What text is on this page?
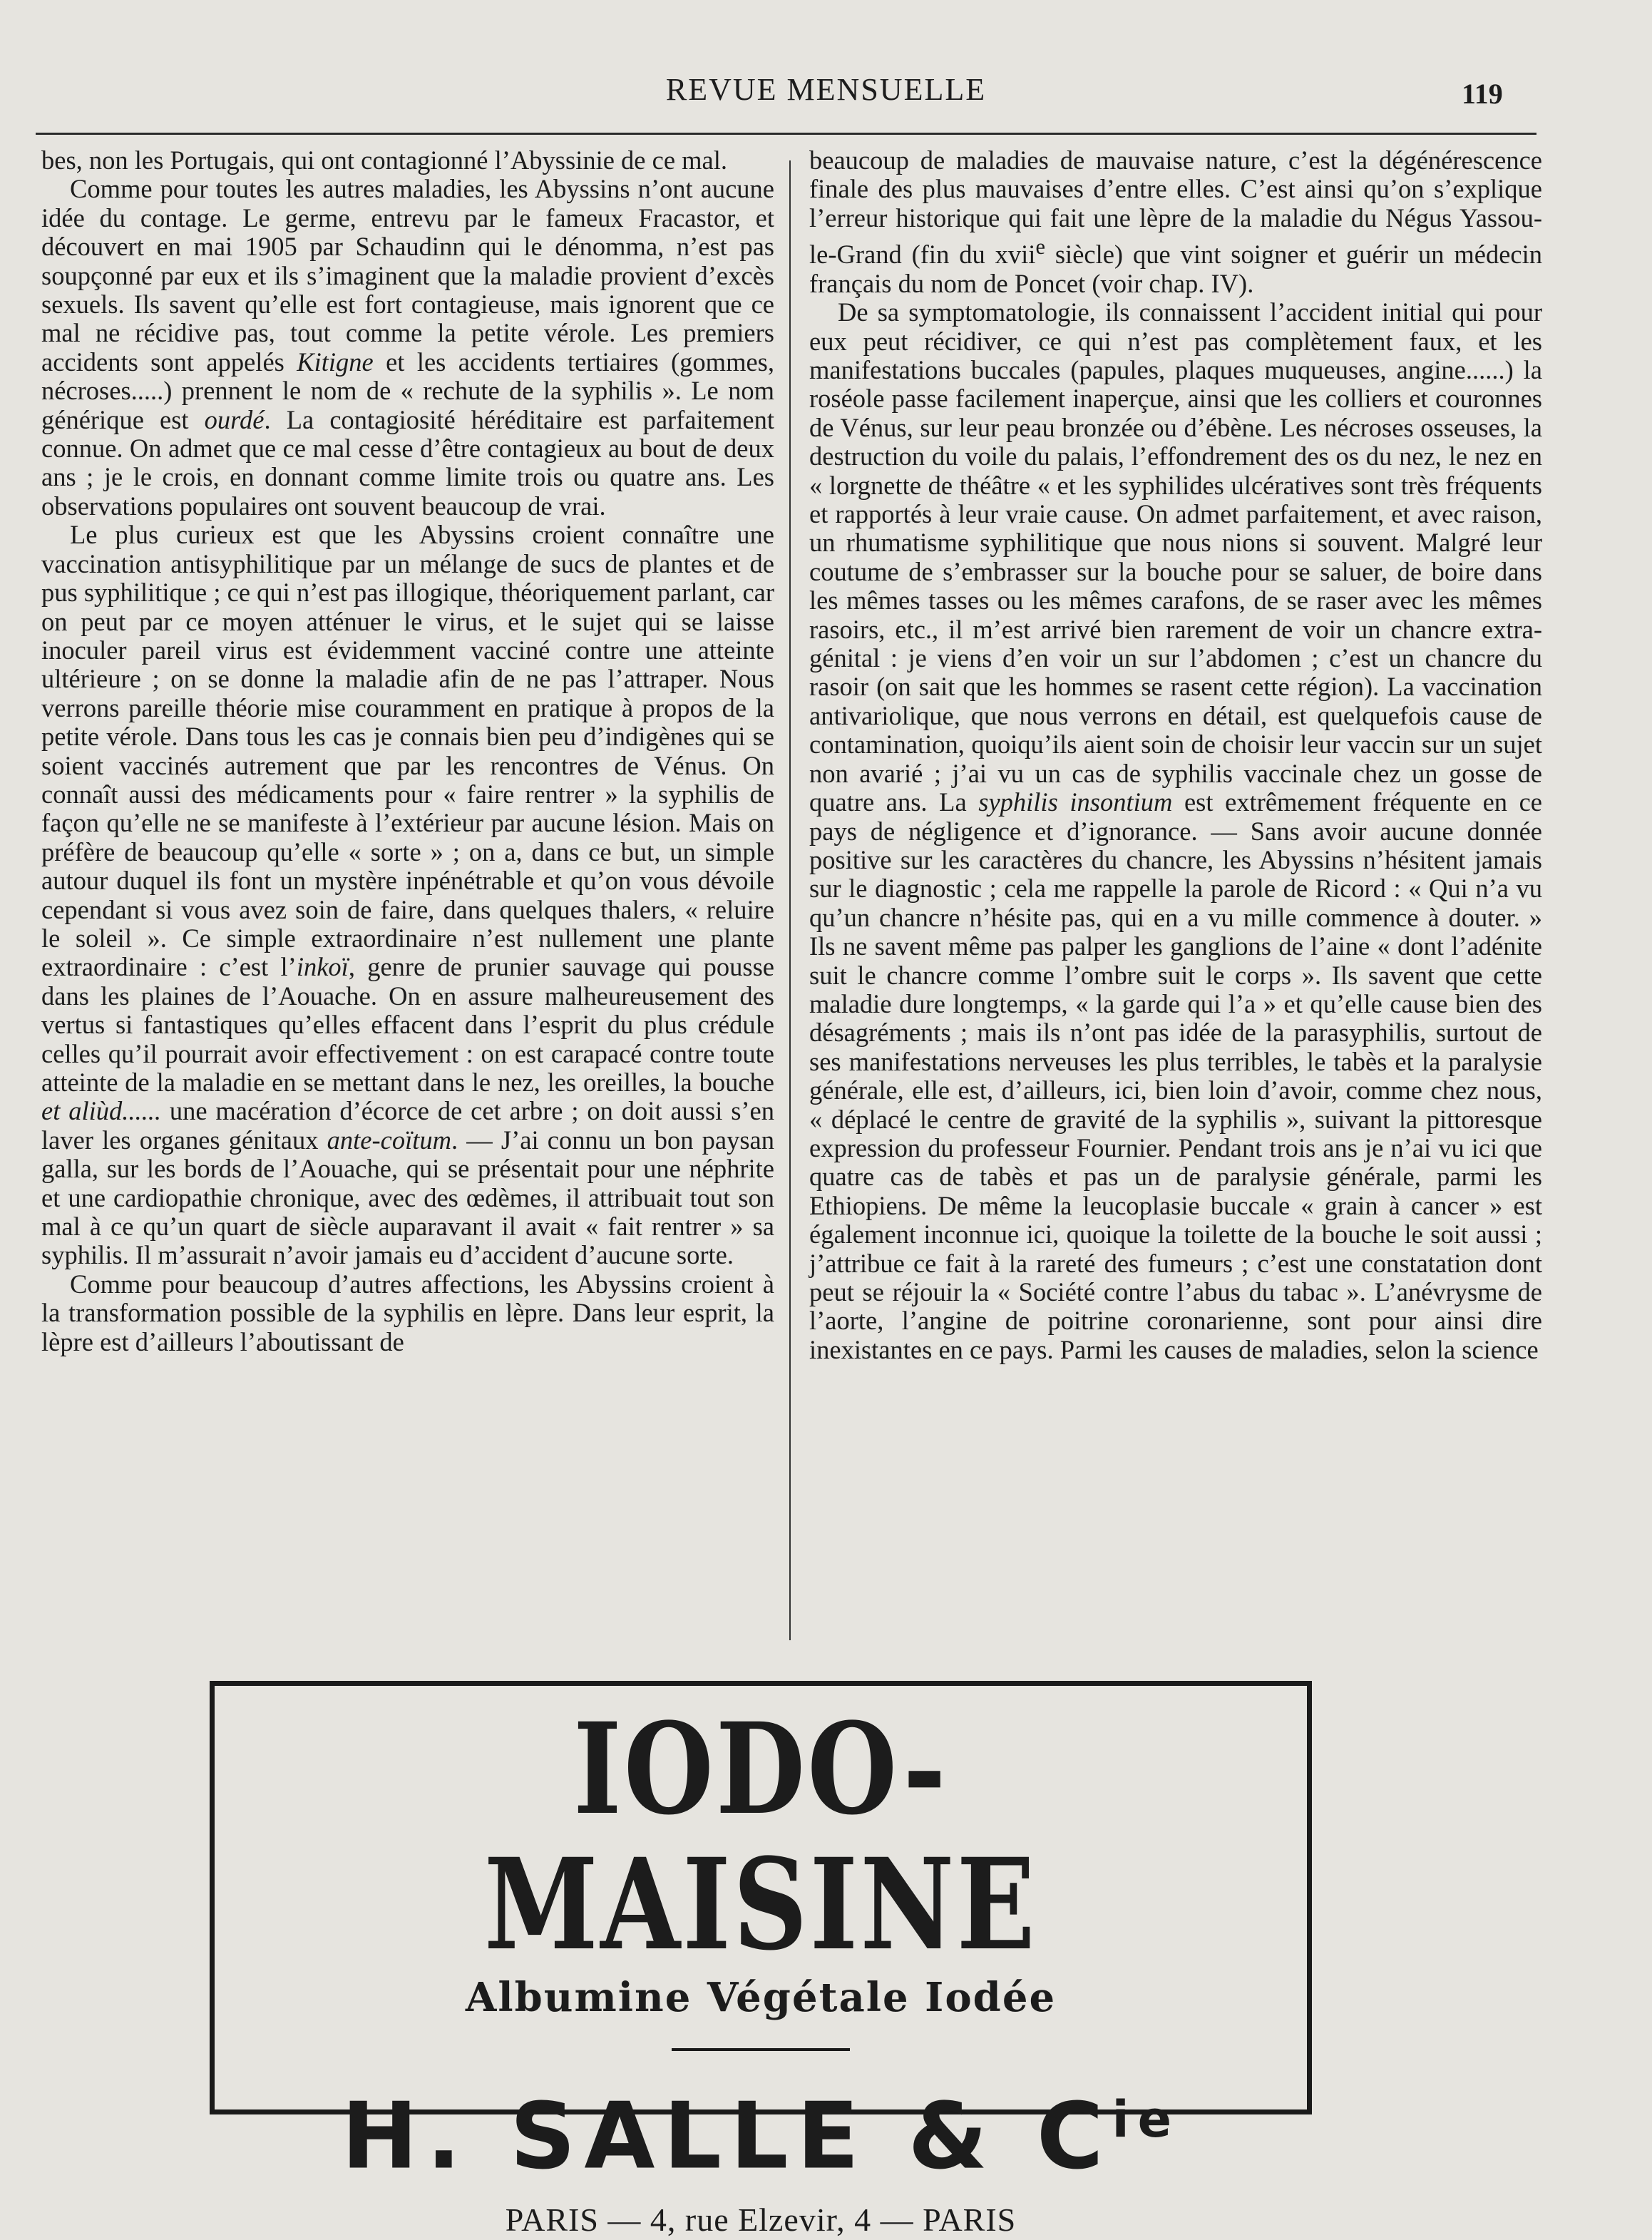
REVUE MENSUELLE	119

bes, non les Portugais, qui ont contagionné l’Abyssinie de ce mal.

Comme pour toutes les autres maladies, les Abyssins n’ont aucune idée du contage. Le germe, entrevu par le fameux Fracastor, et découvert en mai 1905 par Schaudinn qui le dénomma, n’est pas soupçonné par eux et ils s’imaginent que la maladie provient d’excès sexuels. Ils savent qu’elle est fort contagieuse, mais ignorent que ce mal ne récidive pas, tout comme la petite vérole. Les premiers accidents sont appelés Kitigne et les accidents tertiaires (gommes, nécroses.....) prennent le nom de « rechute de la syphilis ». Le nom générique est ourdé. La contagiosité héréditaire est parfaitement connue. On admet que ce mal cesse d’être contagieux au bout de deux ans ; je le crois, en donnant comme limite trois ou quatre ans. Les observations populaires ont souvent beaucoup de vrai.

Le plus curieux est que les Abyssins croient connaître une vaccination antisyphilitique par un mélange de sucs de plantes et de pus syphilitique ; ce qui n’est pas illogique, théoriquement parlant, car on peut par ce moyen atténuer le virus, et le sujet qui se laisse inoculer pareil virus est évidemment vacciné contre une atteinte ultérieure ; on se donne la maladie afin de ne pas l’attraper. Nous verrons pareille théorie mise couramment en pratique à propos de la petite vérole. Dans tous les cas je connais bien peu d’indigènes qui se soient vaccinés autrement que par les rencontres de Vénus. On connaît aussi des médicaments pour « faire rentrer » la syphilis de façon qu’elle ne se manifeste à l’extérieur par aucune lésion. Mais on préfère de beaucoup qu’elle « sorte » ; on a, dans ce but, un simple autour duquel ils font un mystère inpénétrable et qu’on vous dévoile cependant si vous avez soin de faire, dans quelques thalers, « reluire le soleil ». Ce simple extraordinaire n’est nullement une plante extraordinaire : c’est l’inkoï, genre de prunier sauvage qui pousse dans les plaines de l’Aouache. On en assure malheureusement des vertus si fantastiques qu’elles effacent dans l’esprit du plus crédule celles qu’il pourrait avoir effectivement : on est carapacé contre toute atteinte de la maladie en se mettant dans le nez, les oreilles, la bouche et aliùd...... une macération d’écorce de cet arbre ; on doit aussi s’en laver les organes génitaux ante-coïtum. — J’ai connu un bon paysan galla, sur les bords de l’Aouache, qui se présentait pour une néphrite et une cardiopathie chronique, avec des œdèmes, il attribuait tout son mal à ce qu’un quart de siècle auparavant il avait « fait rentrer » sa syphilis. Il m’assurait n’avoir jamais eu d’accident d’aucune sorte.

Comme pour beaucoup d’autres affections, les Abyssins croient à la transformation possible de la syphilis en lèpre. Dans leur esprit, la lèpre est d’ailleurs l’aboutissant de

beaucoup de maladies de mauvaise nature, c’est la dégénérescence finale des plus mauvaises d’entre elles. C’est ainsi qu’on s’explique l’erreur historique qui fait une lèpre de la maladie du Négus Yassou-le-Grand (fin du xvii$^e$ siècle) que vint soigner et guérir un médecin français du nom de Poncet (voir chap. IV).

De sa symptomatologie, ils connaissent l’accident initial qui pour eux peut récidiver, ce qui n’est pas complètement faux, et les manifestations buccales (papules, plaques muqueuses, angine......) la roséole passe facilement inaperçue, ainsi que les colliers et couronnes de Vénus, sur leur peau bronzée ou d’ébène. Les nécroses osseuses, la destruction du voile du palais, l’effondrement des os du nez, le nez en « lorgnette de théâtre « et les syphilides ulcératives sont très fréquents et rapportés à leur vraie cause. On admet parfaitement, et avec raison, un rhumatisme syphilitique que nous nions si souvent. Malgré leur coutume de s’embrasser sur la bouche pour se saluer, de boire dans les mêmes tasses ou les mêmes carafons, de se raser avec les mêmes rasoirs, etc., il m’est arrivé bien rarement de voir un chancre extra-génital : je viens d’en voir un sur l’abdomen ; c’est un chancre du rasoir (on sait que les hommes se rasent cette région). La vaccination antivariolique, que nous verrons en détail, est quelquefois cause de contamination, quoiqu’ils aient soin de choisir leur vaccin sur un sujet non avarié ; j’ai vu un cas de syphilis vaccinale chez un gosse de quatre ans. La syphilis insontium est extrêmement fréquente en ce pays de négligence et d’ignorance. — Sans avoir aucune donnée positive sur les caractères du chancre, les Abyssins n’hésitent jamais sur le diagnostic ; cela me rappelle la parole de Ricord : « Qui n’a vu qu’un chancre n’hésite pas, qui en a vu mille commence à douter. » Ils ne savent même pas palper les ganglions de l’aine « dont l’adénite suit le chancre comme l’ombre suit le corps ». Ils savent que cette maladie dure longtemps, « la garde qui l’a » et qu’elle cause bien des désagréments ; mais ils n’ont pas idée de la parasyphilis, surtout de ses manifestations nerveuses les plus terribles, le tabès et la paralysie générale, elle est, d’ailleurs, ici, bien loin d’avoir, comme chez nous, « déplacé le centre de gravité de la syphilis », suivant la pittoresque expression du professeur Fournier. Pendant trois ans je n’ai vu ici que quatre cas de tabès et pas un de paralysie générale, parmi les Ethiopiens. De même la leucoplasie buccale « grain à cancer » est également inconnue ici, quoique la toilette de la bouche le soit aussi ; j’attribue ce fait à la rareté des fumeurs ; c’est une constatation dont peut se réjouir la « Société contre l’abus du tabac ». L’anévrysme de l’aorte, l’angine de poitrine coronarienne, sont pour ainsi dire inexistantes en ce pays. Parmi les causes de maladies, selon la science

IODO-MAISINE
Albumine Végétale Iodée
H. SALLE & $C^{ie}$
PARIS — 4, rue Elzevir, 4 — PARIS
